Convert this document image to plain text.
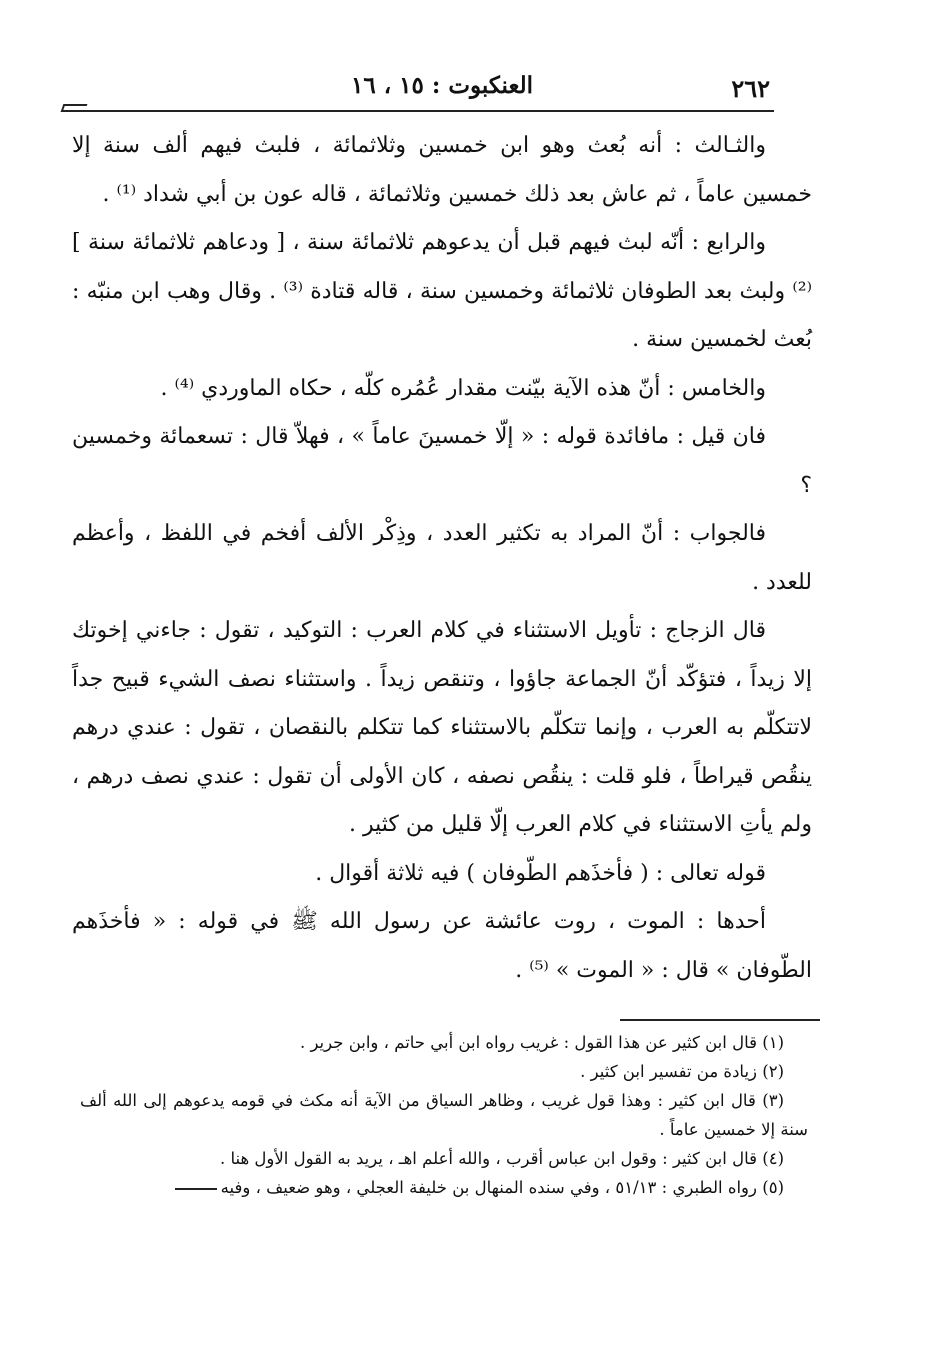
٢٦٢
العنكبوت : ١٥ ، ١٦

والثـالث : أنه بُعث وهو ابن خمسين وثلاثمائة ، فلبث فيهم ألف سنة إلا خمسين عاماً ، ثم عاش بعد ذلك خمسين وثلاثمائة ، قاله عون بن أبي شداد ⁽¹⁾ .

والرابع : أنّه لبث فيهم قبل أن يدعوهم ثلاثمائة سنة ، [ ودعاهم ثلاثمائة سنة ] ⁽²⁾ ولبث بعد الطوفان ثلاثمائة وخمسين سنة ، قاله قتادة ⁽³⁾ . وقال وهب ابن منبّه : بُعث لخمسين سنة .

والخامس : أنّ هذه الآية بيّنت مقدار عُمُره كلّه ، حكاه الماوردي ⁽⁴⁾ .

فان قيل : مافائدة قوله : « إلّا خمسينَ عاماً » ، فهلاّ قال : تسعمائة وخمسين ؟

فالجواب : أنّ المراد به تكثير العدد ، وذِكْر الألف أفخم في اللفظ ، وأعظم للعدد .

قال الزجاج : تأويل الاستثناء في كلام العرب : التوكيد ، تقول : جاءني إخوتك إلا زيداً ، فتؤكّد أنّ الجماعة جاؤوا ، وتنقص زيداً . واستثناء نصف الشيء قبيح جداً لاتتكلّم به العرب ، وإنما تتكلّم بالاستثناء كما تتكلم بالنقصان ، تقول : عندي درهم ينقُص قيراطاً ، فلو قلت : ينقُص نصفه ، كان الأولى أن تقول : عندي نصف درهم ، ولم يأتِ الاستثناء في كلام العرب إلّا قليل من كثير .

قوله تعالى : ( فأخذَهم الطّوفان ) فيه ثلاثة أقوال .

أحدها : الموت ، روت عائشة عن رسول الله ﷺ في قوله : « فأخذَهم الطّوفان » قال : « الموت » ⁽⁵⁾ .

(١) قال ابن كثير عن هذا القول : غريب رواه ابن أبي حاتم ، وابن جرير .

(٢) زيادة من تفسير ابن كثير .

(٣) قال ابن كثير : وهذا قول غريب ، وظاهر السياق من الآية أنه مكث في قومه يدعوهم إلى الله ألف سنة إلا خمسين عاماً .

(٤) قال ابن كثير : وقول ابن عباس أقرب ، والله أعلم اهـ ، يريد به القول الأول هنا .

(٥) رواه الطبري : ٥١/١٣ ، وفي سنده المنهال بن خليفة العجلي ، وهو ضعيف ، وفيه
